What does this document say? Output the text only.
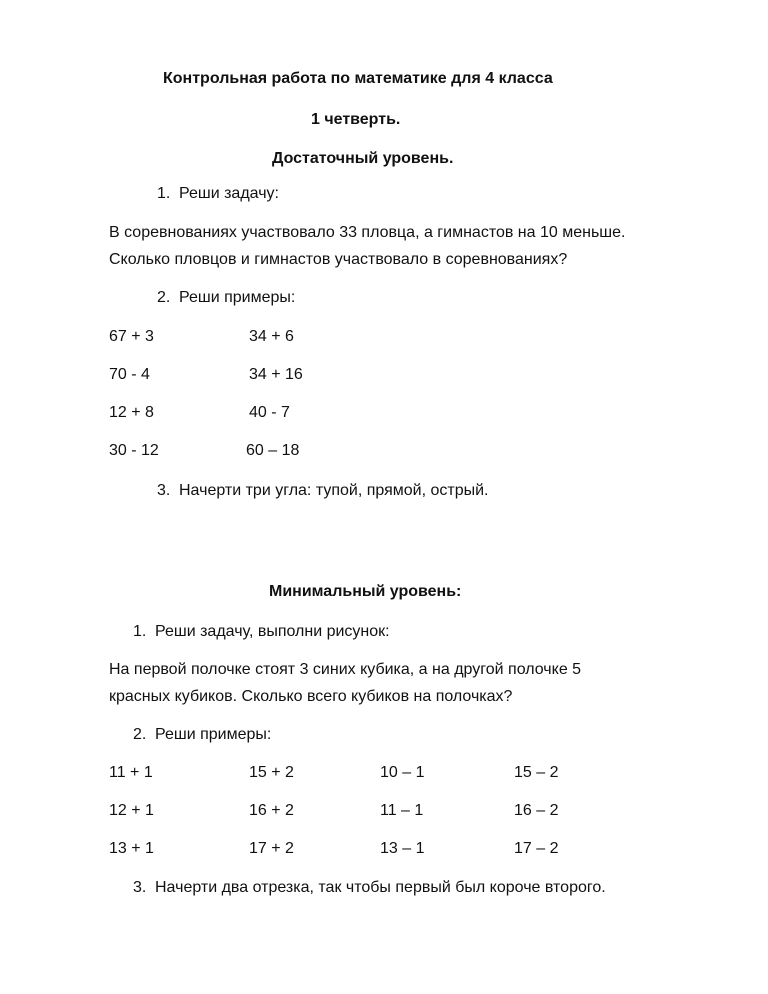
Контрольная работа по математике для 4 класса
1 четверть.
Достаточный уровень.
1. Реши задачу:
В соревнованиях участвовало 33 пловца, а гимнастов на 10 меньше.
Сколько пловцов и гимнастов участвовало в соревнованиях?
2. Реши примеры:
67 + 3	34 + 6
70 - 4	34 + 16
12 + 8	40 - 7
30 - 12	60 – 18
3. Начерти три угла: тупой, прямой, острый.
Минимальный уровень:
1. Реши задачу, выполни рисунок:
На первой полочке стоят 3 синих кубика, а на другой полочке 5
красных кубиков. Сколько всего кубиков на полочках?
2. Реши примеры:
11 + 1	15 + 2	10 – 1	15 – 2
12 + 1	16 + 2	11 – 1	16 – 2
13 + 1	17 + 2	13 – 1	17 – 2
3. Начерти два отрезка, так чтобы первый был короче второго.
